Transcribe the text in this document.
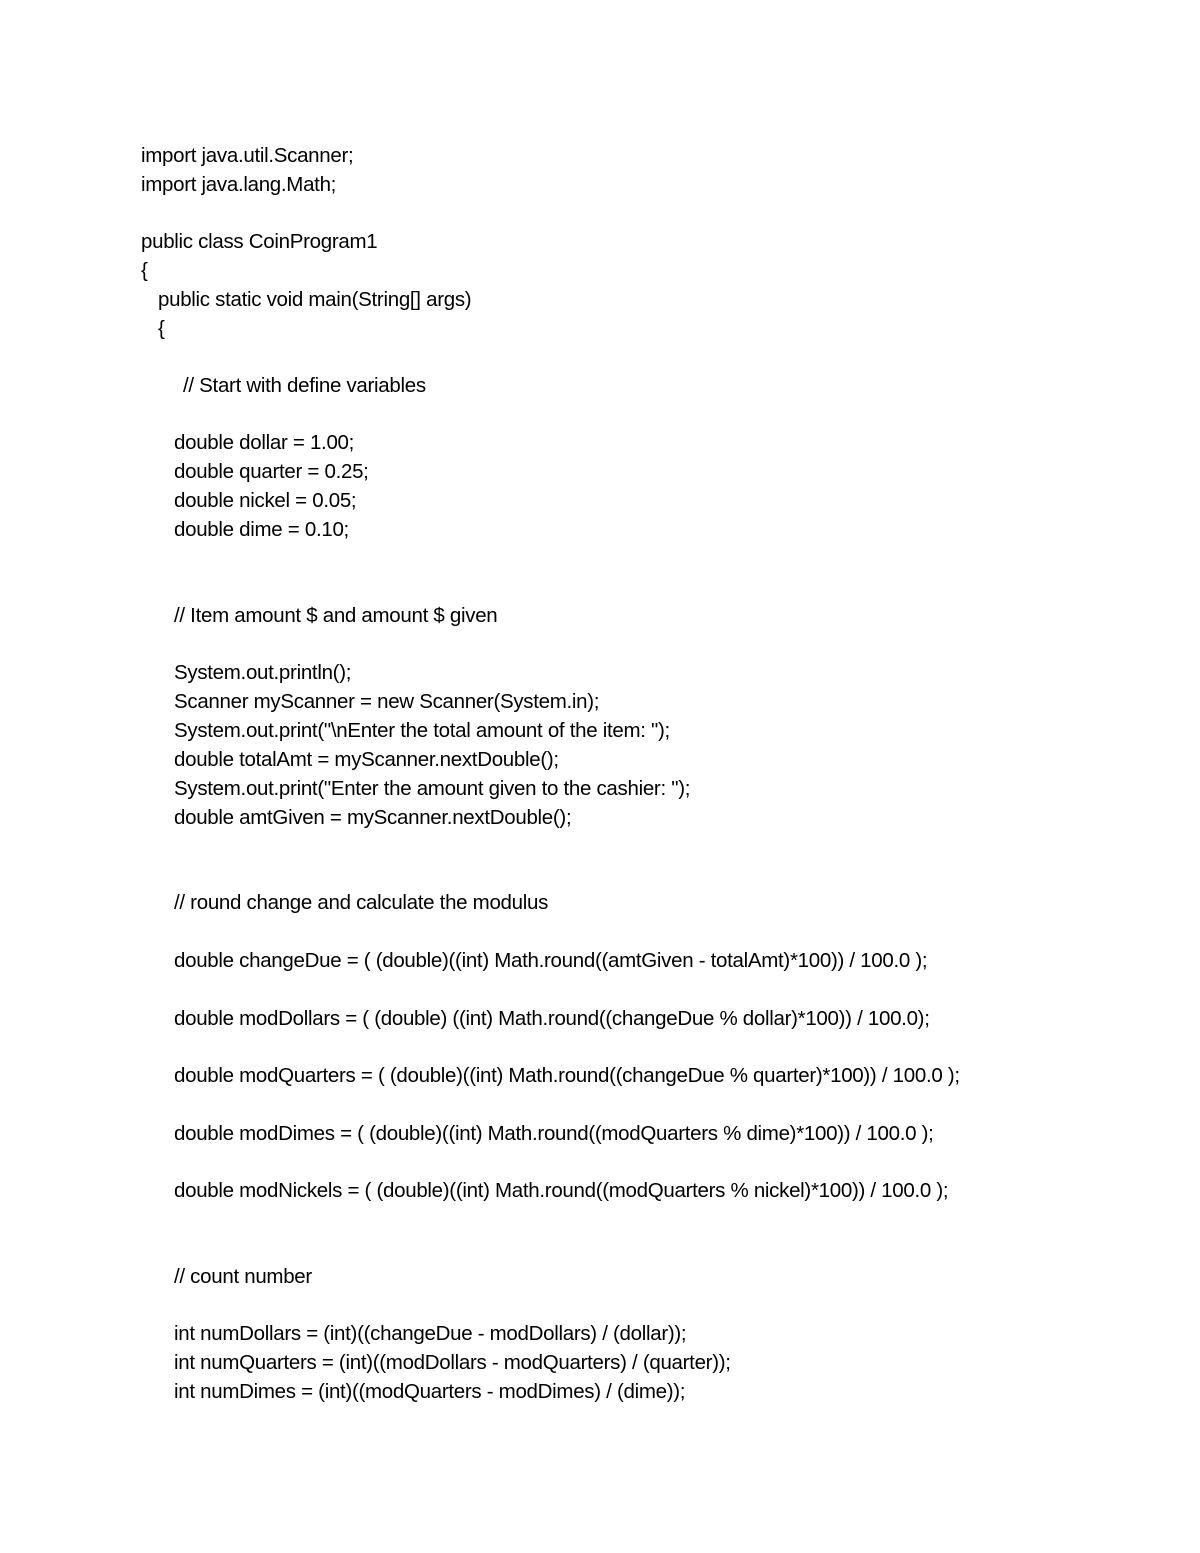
import java.util.Scanner;
import java.lang.Math;
public class CoinProgram1
{
public static void main(String[] args)
{
// Start with define variables
double dollar = 1.00;
double quarter = 0.25;
double nickel = 0.05;
double dime = 0.10;
// Item amount $ and amount $ given
System.out.println();
Scanner myScanner = new Scanner(System.in);
System.out.print("\nEnter the total amount of the item: ");
double totalAmt = myScanner.nextDouble();
System.out.print("Enter the amount given to the cashier: ");
double amtGiven = myScanner.nextDouble();
// round change and calculate the modulus
double changeDue = ( (double)((int) Math.round((amtGiven - totalAmt)*100)) / 100.0 );
double modDollars = ( (double) ((int) Math.round((changeDue % dollar)*100)) / 100.0);
double modQuarters = ( (double)((int) Math.round((changeDue % quarter)*100)) / 100.0 );
double modDimes = ( (double)((int) Math.round((modQuarters % dime)*100)) / 100.0 );
double modNickels = ( (double)((int) Math.round((modQuarters % nickel)*100)) / 100.0 );
// count number
int numDollars = (int)((changeDue - modDollars) / (dollar));
int numQuarters = (int)((modDollars - modQuarters) / (quarter));
int numDimes = (int)((modQuarters - modDimes) / (dime));
